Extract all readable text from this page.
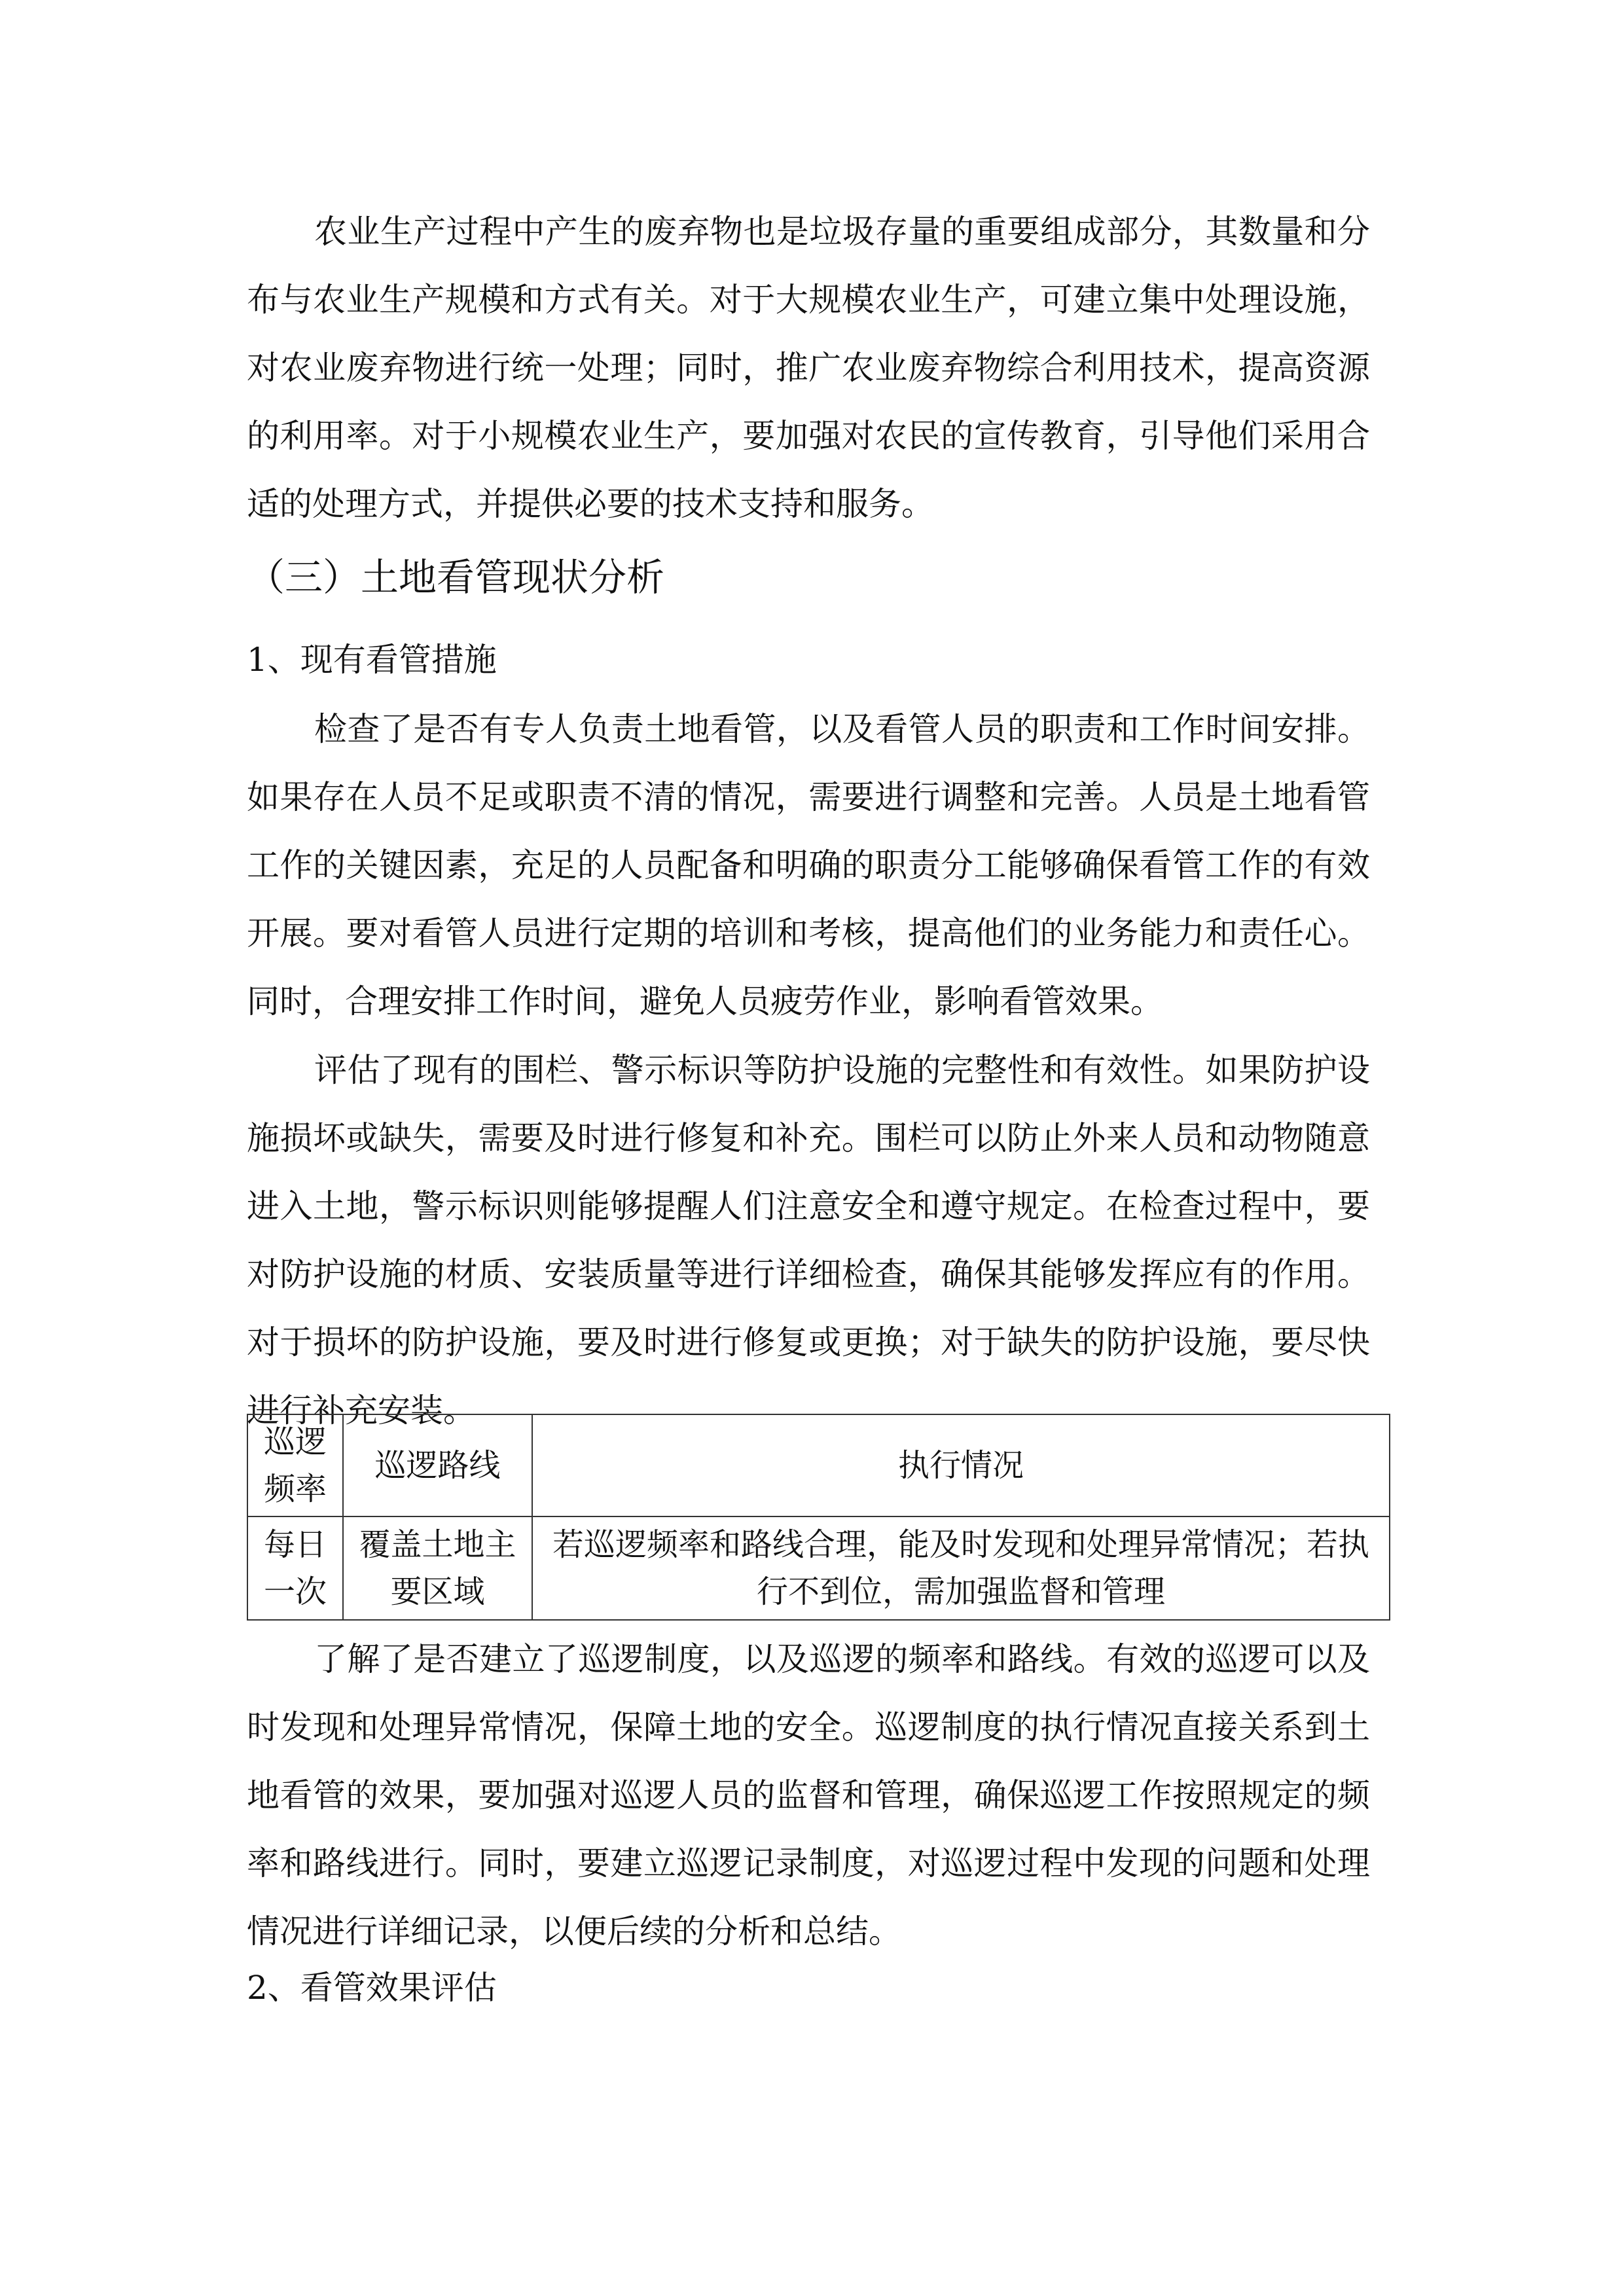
农业生产过程中产生的废弃物也是垃圾存量的重要组成部分，其数量和分
布与农业生产规模和方式有关。对于大规模农业生产，可建立集中处理设施，
对农业废弃物进行统一处理；同时，推广农业废弃物综合利用技术，提高资源
的利用率。对于小规模农业生产，要加强对农民的宣传教育，引导他们采用合
适的处理方式，并提供必要的技术支持和服务。
（三）土地看管现状分析
1、现有看管措施
检查了是否有专人负责土地看管，以及看管人员的职责和工作时间安排。
如果存在人员不足或职责不清的情况，需要进行调整和完善。人员是土地看管
工作的关键因素，充足的人员配备和明确的职责分工能够确保看管工作的有效
开展。要对看管人员进行定期的培训和考核，提高他们的业务能力和责任心。
同时，合理安排工作时间，避免人员疲劳作业，影响看管效果。
评估了现有的围栏、警示标识等防护设施的完整性和有效性。如果防护设
施损坏或缺失，需要及时进行修复和补充。围栏可以防止外来人员和动物随意
进入土地，警示标识则能够提醒人们注意安全和遵守规定。在检查过程中，要
对防护设施的材质、安装质量等进行详细检查，确保其能够发挥应有的作用。
对于损坏的防护设施，要及时进行修复或更换；对于缺失的防护设施，要尽快
进行补充安装。
巡逻频率	巡逻路线	执行情况
每日一次	覆盖土地主要区域	若巡逻频率和路线合理，能及时发现和处理异常情况；若执行不到位，需加强监督和管理
了解了是否建立了巡逻制度，以及巡逻的频率和路线。有效的巡逻可以及
时发现和处理异常情况，保障土地的安全。巡逻制度的执行情况直接关系到土
地看管的效果，要加强对巡逻人员的监督和管理，确保巡逻工作按照规定的频
率和路线进行。同时，要建立巡逻记录制度，对巡逻过程中发现的问题和处理
情况进行详细记录，以便后续的分析和总结。
2、看管效果评估
